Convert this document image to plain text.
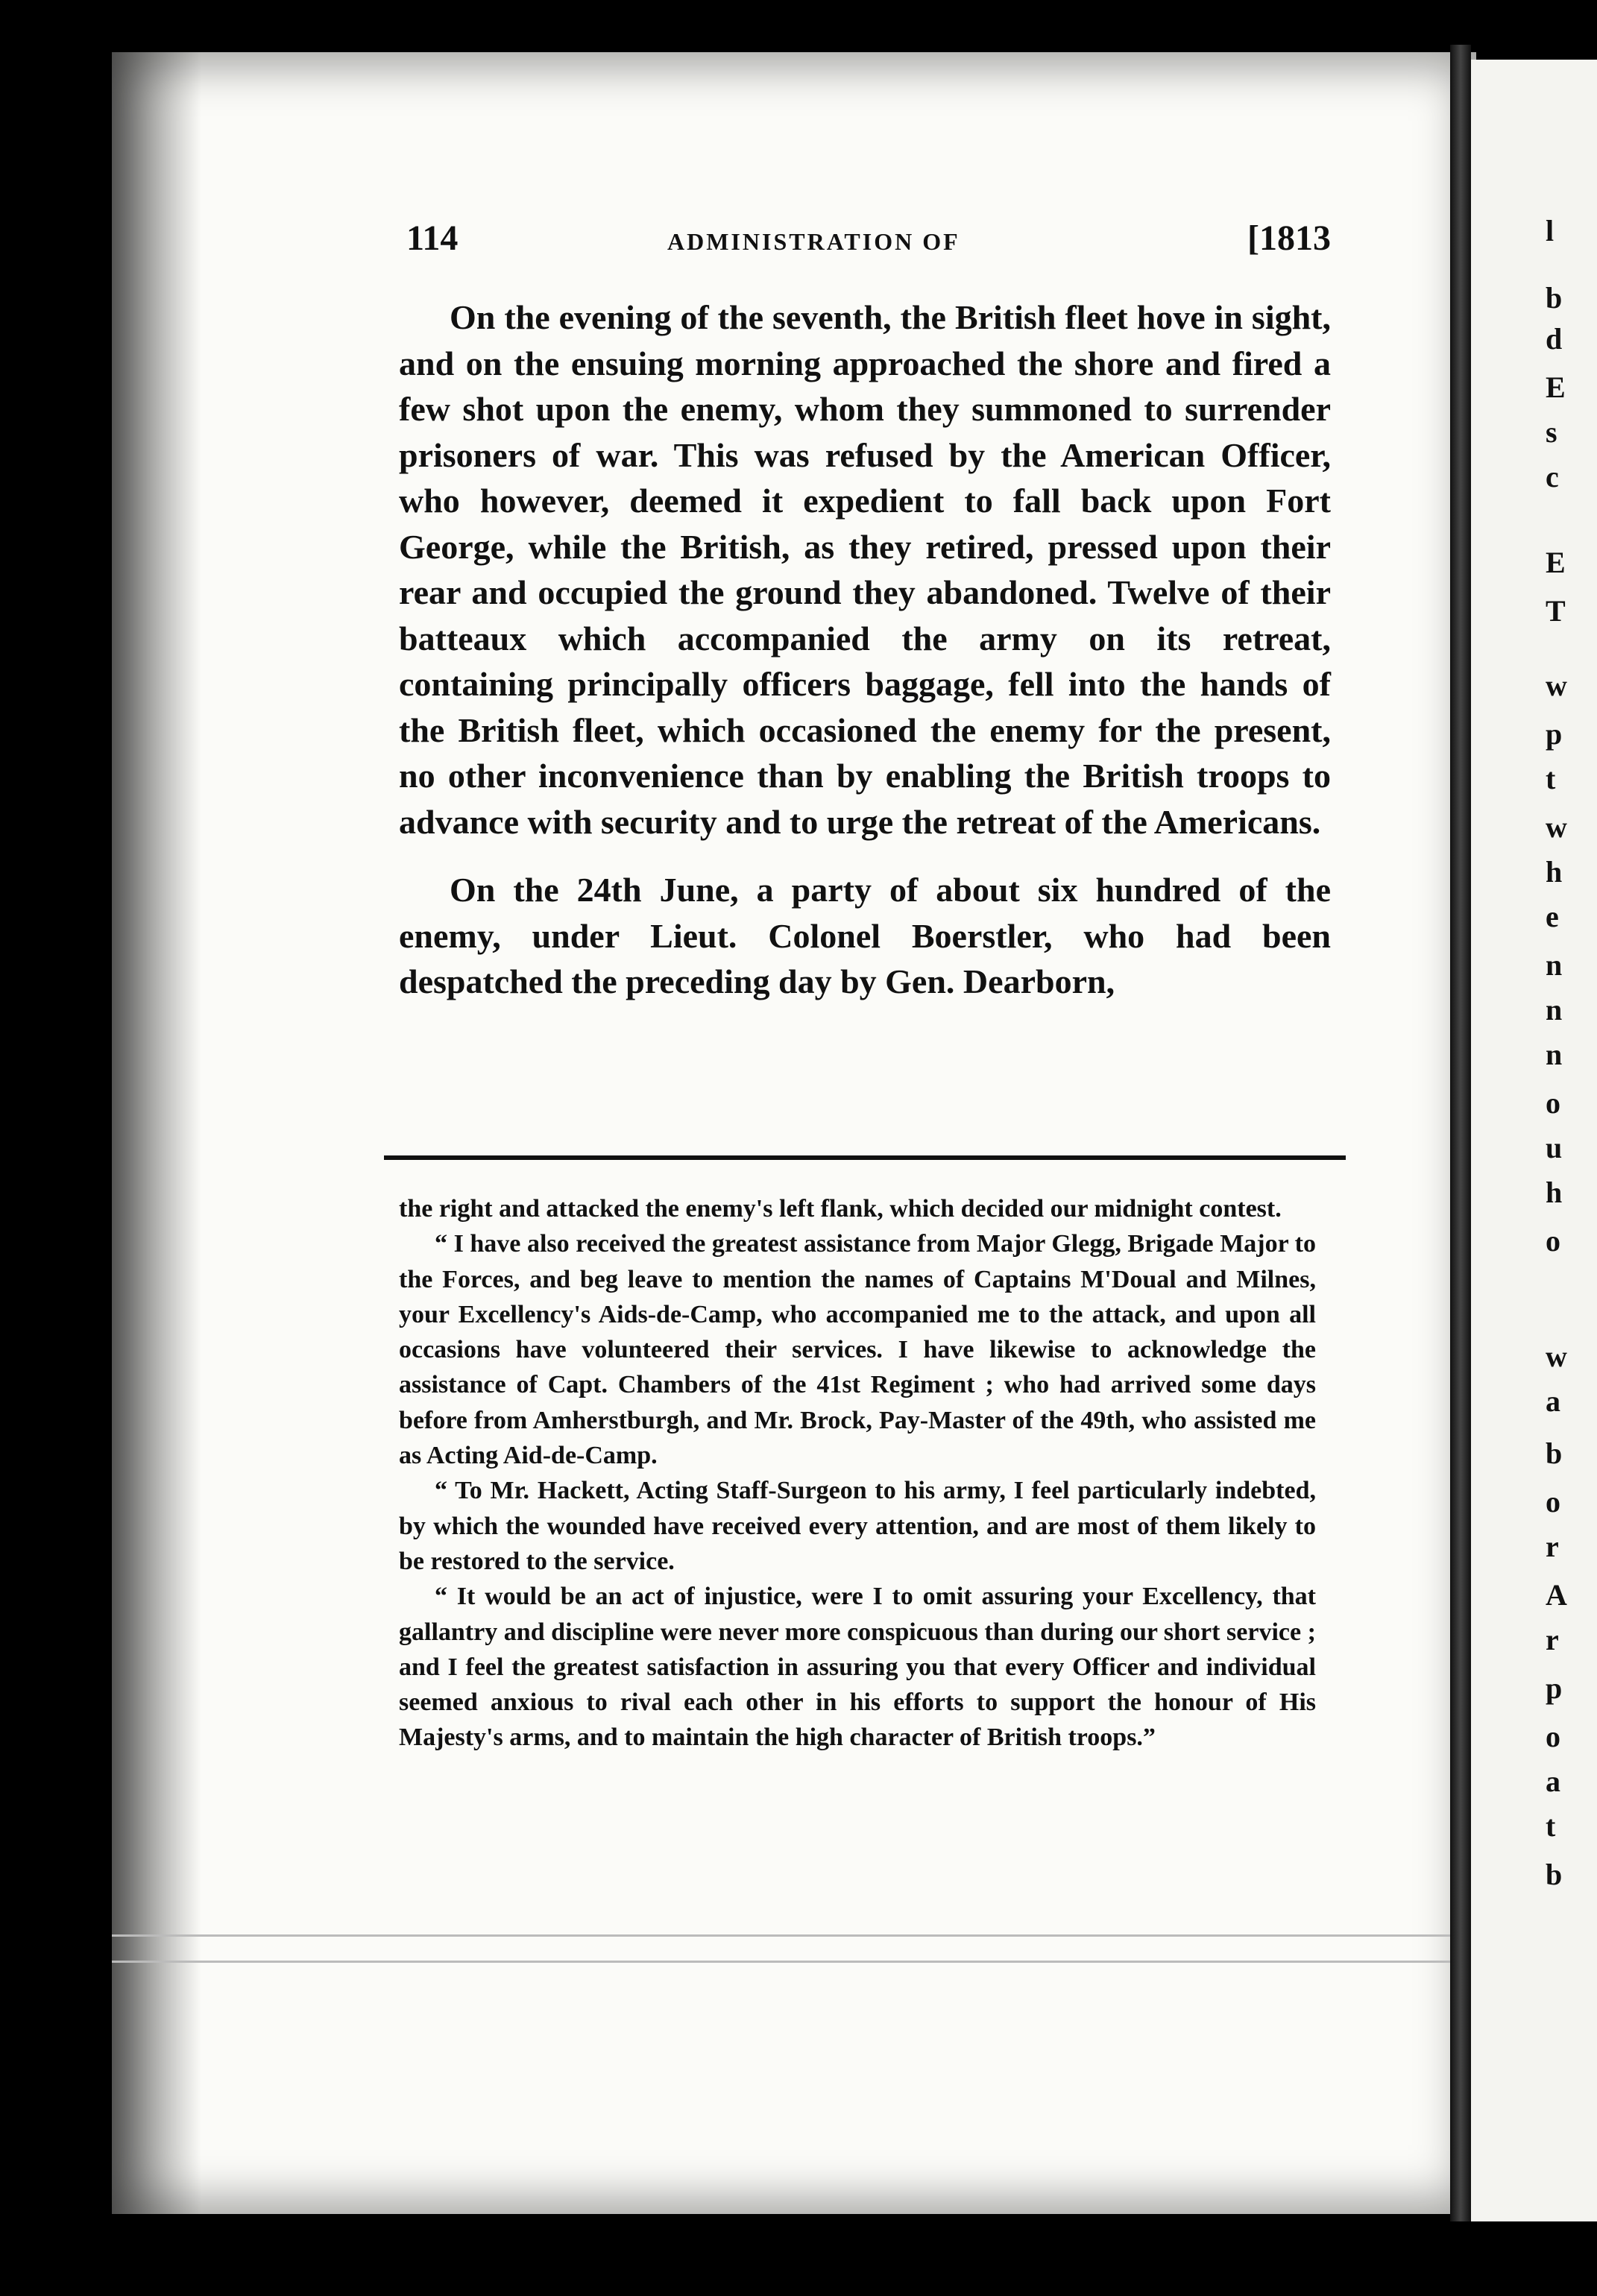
l
b
d
E
s
c
E
T
w
p
t
w
h
e
n
n
n
o
u
h
o
w
a
b
o
r
A
r
p
o
a
t
b
114	ADMINISTRATION OF	[1813

On the evening of the seventh, the British fleet hove in sight, and on the ensuing morning approached the shore and fired a few shot upon the enemy, whom they summoned to surrender prisoners of war. This was refused by the American Officer, who however, deemed it expedient to fall back upon Fort George, while the British, as they retired, pressed upon their rear and occupied the ground they abandoned. Twelve of their batteaux which accompanied the army on its retreat, containing principally officers baggage, fell into the hands of the British fleet, which occasioned the enemy for the present, no other inconvenience than by enabling the British troops to advance with security and to urge the retreat of the Americans.

On the 24th June, a party of about six hundred of the enemy, under Lieut. Colonel Boerstler, who had been despatched the preceding day by Gen. Dearborn,

the right and attacked the enemy's left flank, which decided our midnight contest.

“ I have also received the greatest assistance from Major Glegg, Brigade Major to the Forces, and beg leave to mention the names of Captains M'Doual and Milnes, your Excellency's Aids-de-Camp, who accompanied me to the attack, and upon all occasions have volunteered their services. I have likewise to acknowledge the assistance of Capt. Chambers of the 41st Regiment ; who had arrived some days before from Amherstburgh, and Mr. Brock, Pay-Master of the 49th, who assisted me as Acting Aid-de-Camp.

“ To Mr. Hackett, Acting Staff-Surgeon to his army, I feel particularly indebted, by which the wounded have received every attention, and are most of them likely to be restored to the service.

“ It would be an act of injustice, were I to omit assuring your Excellency, that gallantry and discipline were never more conspicuous than during our short service ; and I feel the greatest satisfaction in assuring you that every Officer and individual seemed anxious to rival each other in his efforts to support the honour of His Majesty's arms, and to maintain the high character of British troops.”
